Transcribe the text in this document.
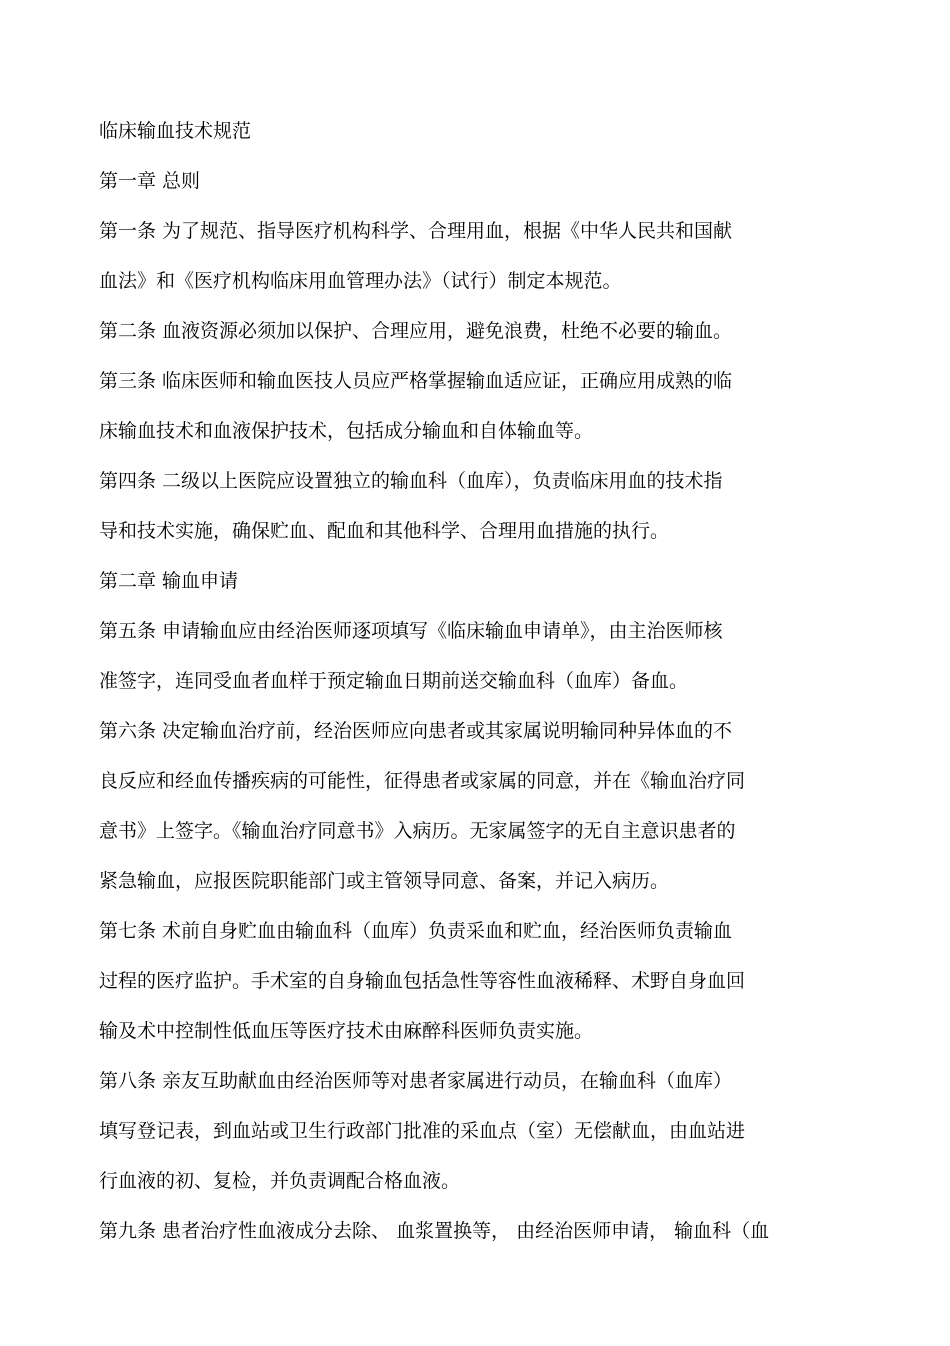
临床输血技术规范
第一章 总则
第一条 为了规范、指导医疗机构科学、合理用血，根据《中华人民共和国献
血法》和《医疗机构临床用血管理办法》（试行）制定本规范。
第二条 血液资源必须加以保护、合理应用，避免浪费，杜绝不必要的输血。
第三条 临床医师和输血医技人员应严格掌握输血适应证，正确应用成熟的临
床输血技术和血液保护技术，包括成分输血和自体输血等。
第四条 二级以上医院应设置独立的输血科（血库），负责临床用血的技术指
导和技术实施，确保贮血、配血和其他科学、合理用血措施的执行。
第二章 输血申请
第五条 申请输血应由经治医师逐项填写《临床输血申请单》，由主治医师核
准签字，连同受血者血样于预定输血日期前送交输血科（血库）备血。
第六条 决定输血治疗前，经治医师应向患者或其家属说明输同种异体血的不
良反应和经血传播疾病的可能性，征得患者或家属的同意，并在《输血治疗同
意书》上签字。《输血治疗同意书》入病历。无家属签字的无自主意识患者的
紧急输血，应报医院职能部门或主管领导同意、备案，并记入病历。
第七条 术前自身贮血由输血科（血库）负责采血和贮血，经治医师负责输血
过程的医疗监护。手术室的自身输血包括急性等容性血液稀释、术野自身血回
输及术中控制性低血压等医疗技术由麻醉科医师负责实施。
第八条 亲友互助献血由经治医师等对患者家属进行动员，在输血科（血库）
填写登记表，到血站或卫生行政部门批准的采血点（室）无偿献血，由血站进
行血液的初、复检，并负责调配合格血液。
第九条 患者治疗性血液成分去除、 血浆置换等， 由经治医师申请， 输血科（血
